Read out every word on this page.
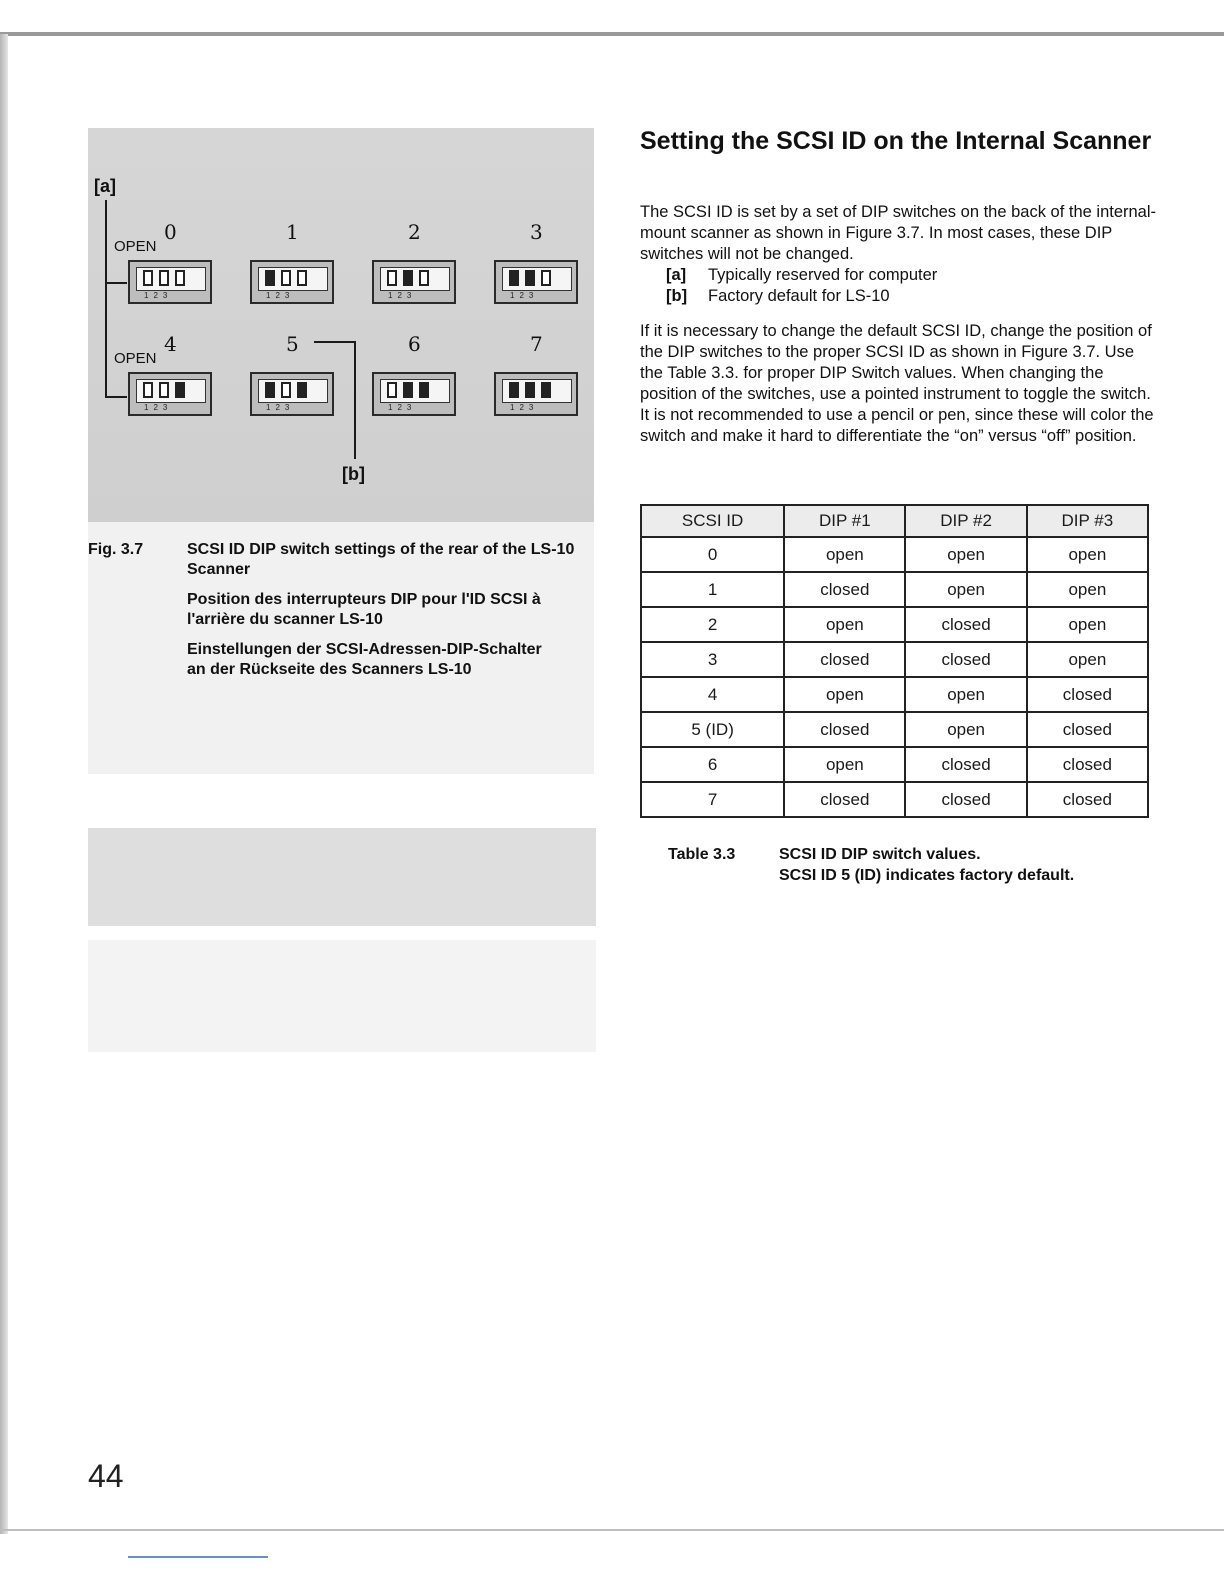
[a]
[b]
OPEN
OPEN
0	1	2	3
4	5	6	7
123	123	123	123
123	123	123	123
Fig. 3.7	SCSI ID DIP switch settings of the rear of the LS-10 Scanner
Position des interrupteurs DIP pour l'ID SCSI à l'arrière du scanner LS-10
Einstellungen der SCSI-Adressen-DIP-Schalter an der Rückseite des Scanners LS-10
Setting the SCSI ID on the Internal Scanner

The SCSI ID is set by a set of DIP switches on the back of the internal-mount scanner as shown in Figure 3.7. In most cases, these DIP switches will not be changed.

[a] Typically reserved for computer
[b] Factory default for LS-10

If it is necessary to change the default SCSI ID, change the position of the DIP switches to the proper SCSI ID as shown in Figure 3.7. Use the Table 3.3. for proper DIP Switch values. When changing the position of the switches, use a pointed instrument to toggle the switch. It is not recommended to use a pencil or pen, since these will color the switch and make it hard to differentiate the “on” versus “off” position.

SCSI ID	DIP #1	DIP #2	DIP #3
0	open	open	open
1	closed	open	open
2	open	closed	open
3	closed	closed	open
4	open	open	closed
5 (ID)	closed	open	closed
6	open	closed	closed
7	closed	closed	closed
Table 3.3	SCSI ID DIP switch values.
SCSI ID 5 (ID) indicates factory default.
44
